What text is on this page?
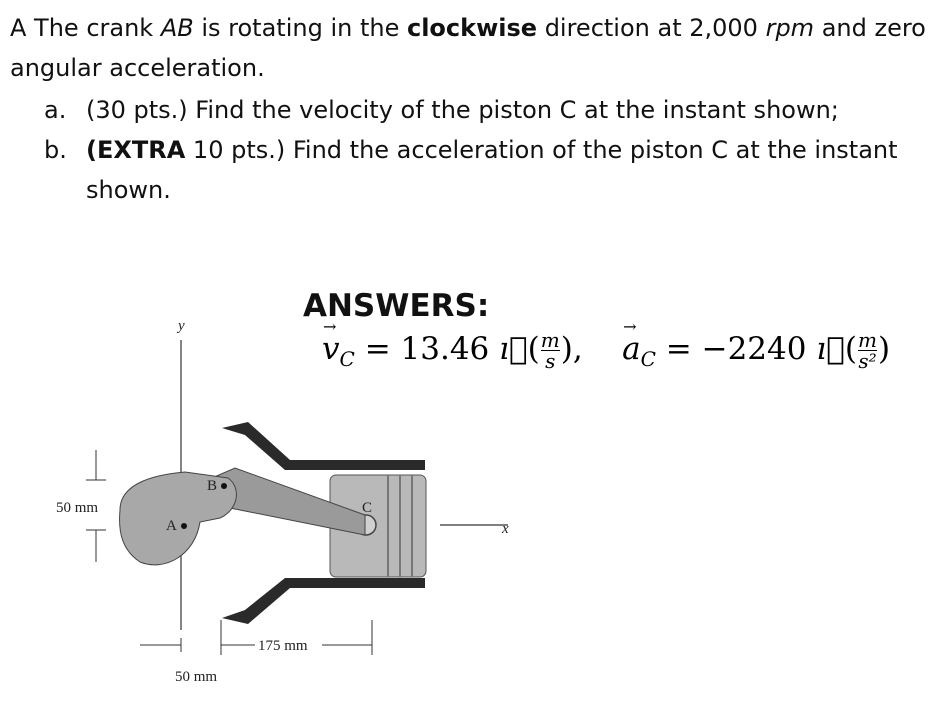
A The crank AB is rotating in the clockwise direction at 2,000 rpm and zero
angular acceleration.
a. (30 pts.) Find the velocity of the piston C at the instant shown;
b. (EXTRA 10 pts.) Find the acceleration of the piston C at the instant
shown.
y
x
C
A
B
50 mm
175 mm
50 mm
ANSWERS:
→ $v_C = 13.46$ ı⃗( $\frac{m}{s}$ ),    → $a_C = -2240$ ı⃗( $\frac{m}{\text{s²}}$ )
